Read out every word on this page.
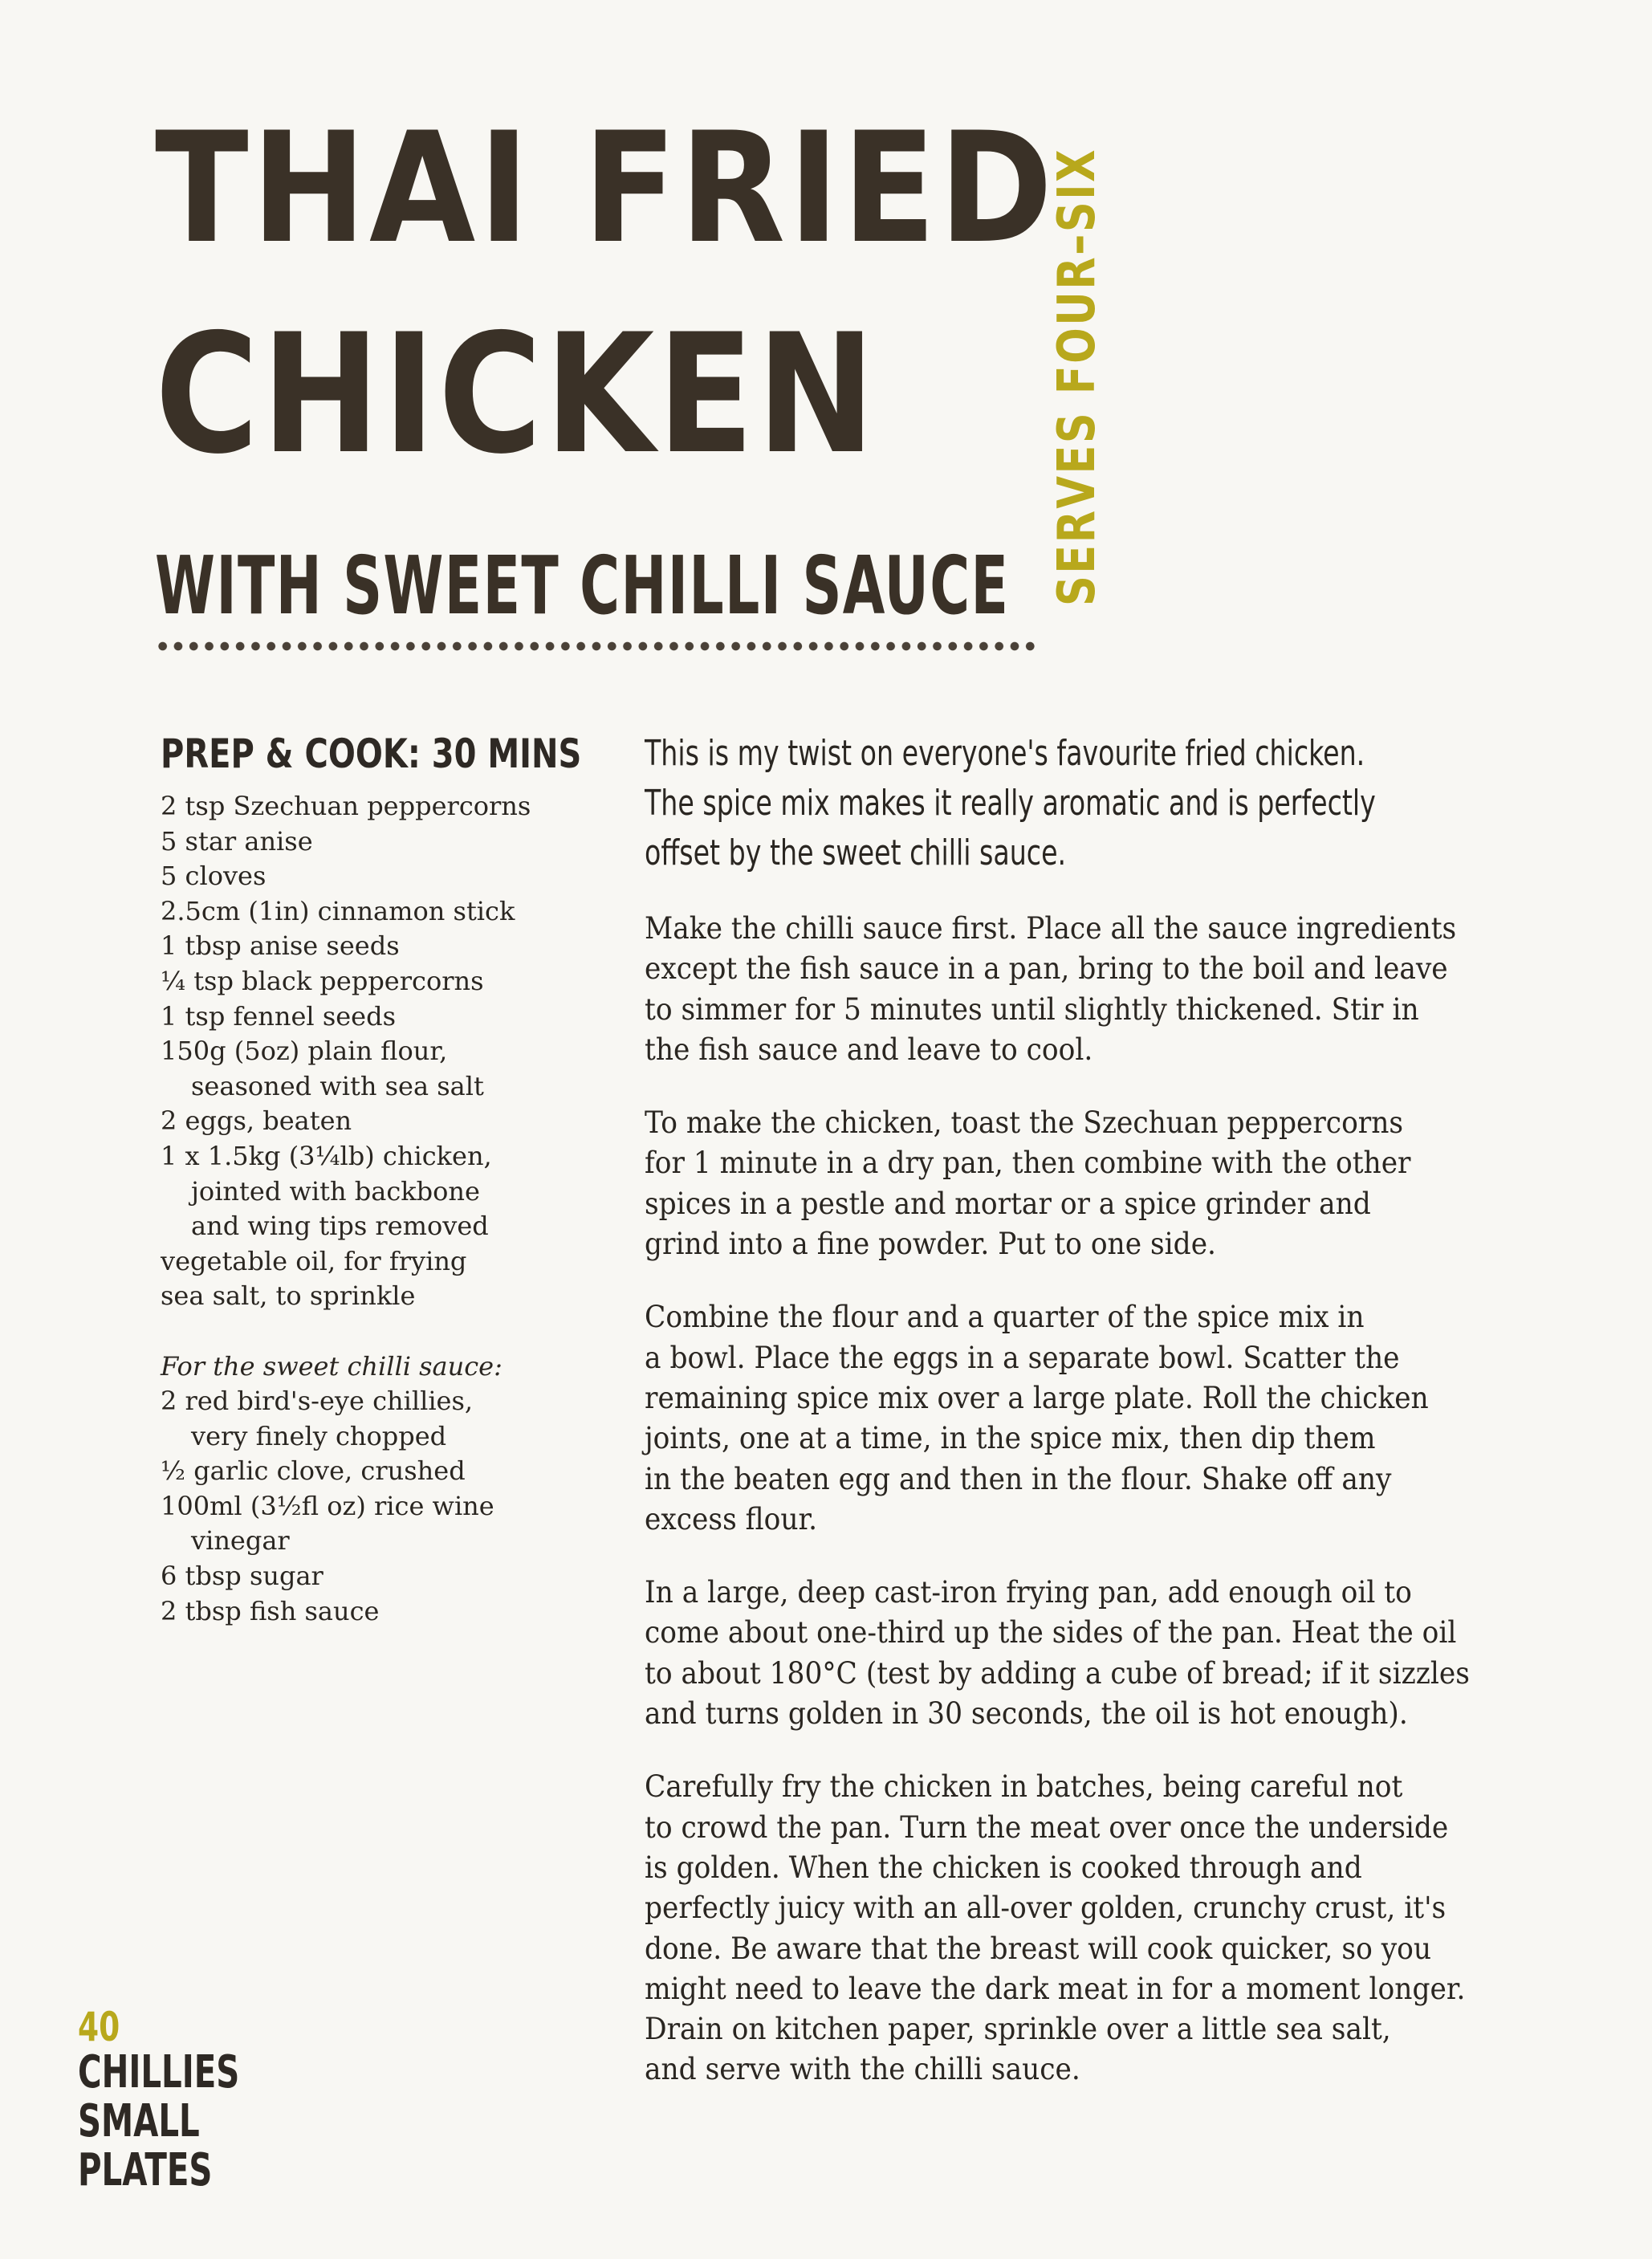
THAI FRIED
CHICKEN
WITH SWEET CHILLI SAUCE SERVES FOUR–SIX
PREP & COOK: 30 MINS
2 tsp Szechuan peppercorns
5 star anise
5 cloves
2.5cm (1in) cinnamon stick
1 tbsp anise seeds
¼ tsp black peppercorns
1 tsp fennel seeds
150g (5oz) plain flour,
seasoned with sea salt
2 eggs, beaten
1 x 1.5kg (3¼lb) chicken,
jointed with backbone
and wing tips removed
vegetable oil, for frying
sea salt, to sprinkle
For the sweet chilli sauce:
2 red bird's-eye chillies,
very finely chopped
½ garlic clove, crushed
100ml (3½fl oz) rice wine
vinegar
6 tbsp sugar
2 tbsp fish sauce
This is my twist on everyone's favourite fried chicken.
The spice mix makes it really aromatic and is perfectly
offset by the sweet chilli sauce.
Make the chilli sauce first. Place all the sauce ingredients
except the fish sauce in a pan, bring to the boil and leave
to simmer for 5 minutes until slightly thickened. Stir in
the fish sauce and leave to cool.
To make the chicken, toast the Szechuan peppercorns
for 1 minute in a dry pan, then combine with the other
spices in a pestle and mortar or a spice grinder and
grind into a fine powder. Put to one side.
Combine the flour and a quarter of the spice mix in
a bowl. Place the eggs in a separate bowl. Scatter the
remaining spice mix over a large plate. Roll the chicken
joints, one at a time, in the spice mix, then dip them
in the beaten egg and then in the flour. Shake off any
excess flour.
In a large, deep cast-iron frying pan, add enough oil to
come about one-third up the sides of the pan. Heat the oil
to about 180°C (test by adding a cube of bread; if it sizzles
and turns golden in 30 seconds, the oil is hot enough).
Carefully fry the chicken in batches, being careful not
to crowd the pan. Turn the meat over once the underside
is golden. When the chicken is cooked through and
perfectly juicy with an all-over golden, crunchy crust, it's
done. Be aware that the breast will cook quicker, so you
might need to leave the dark meat in for a moment longer.
Drain on kitchen paper, sprinkle over a little sea salt,
and serve with the chilli sauce.
40
CHILLIES
SMALL
PLATES
